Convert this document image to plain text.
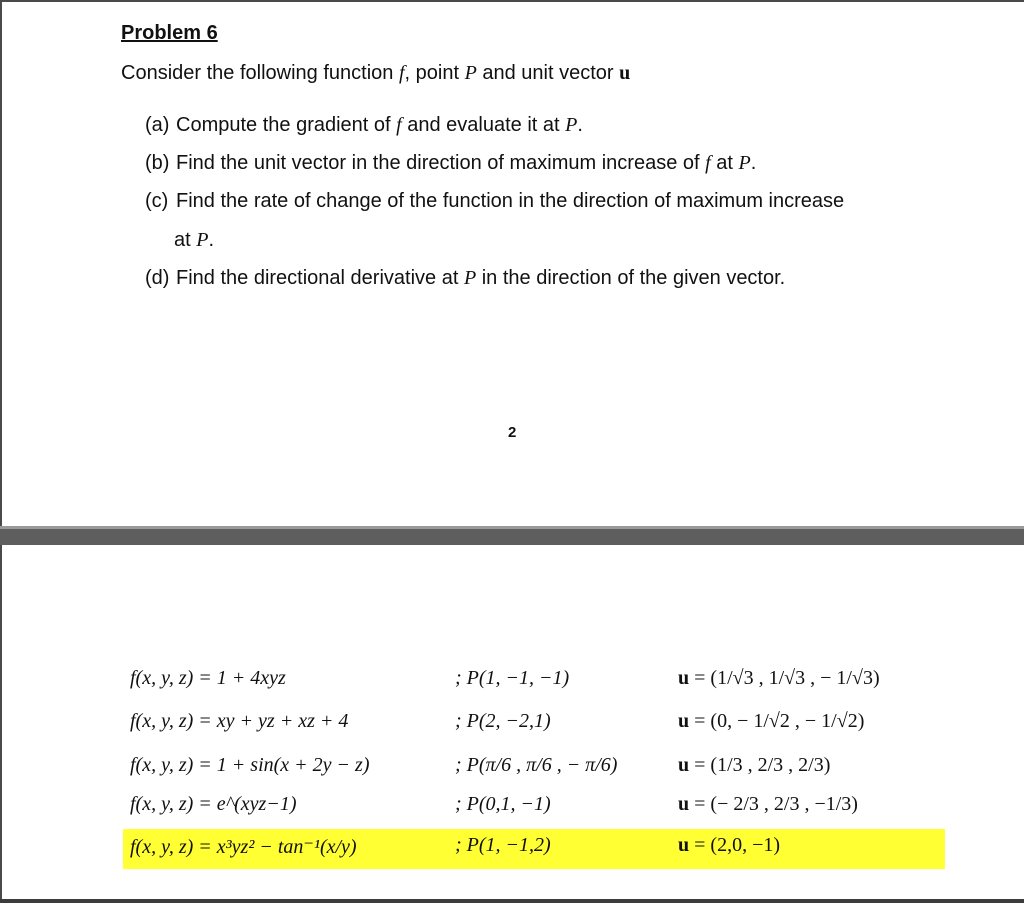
Problem 6
Consider the following function f, point P and unit vector u
(a) Compute the gradient of f and evaluate it at P.
(b) Find the unit vector in the direction of maximum increase of f at P.
(c) Find the rate of change of the function in the direction of maximum increase
at P.
(d) Find the directional derivative at P in the direction of the given vector.
2
f(x, y, z) = 1 + 4xyz	; P(1, −1, −1)	u = (1/√3 , 1/√3 , − 1/√3)
f(x, y, z) = xy + yz + xz + 4	; P(2, −2,1)	u = (0, − 1/√2 , − 1/√2)
f(x, y, z) = 1 + sin(x + 2y − z)	; P(π/6 , π/6 , − π/6)	u = (1/3 , 2/3 , 2/3)
f(x, y, z) = e^(xyz−1)	; P(0,1, −1)	u = (− 2/3 , 2/3 , −1/3)
f(x, y, z) = x³yz² − tan⁻¹(x/y)	; P(1, −1,2)	u = (2,0, −1)
